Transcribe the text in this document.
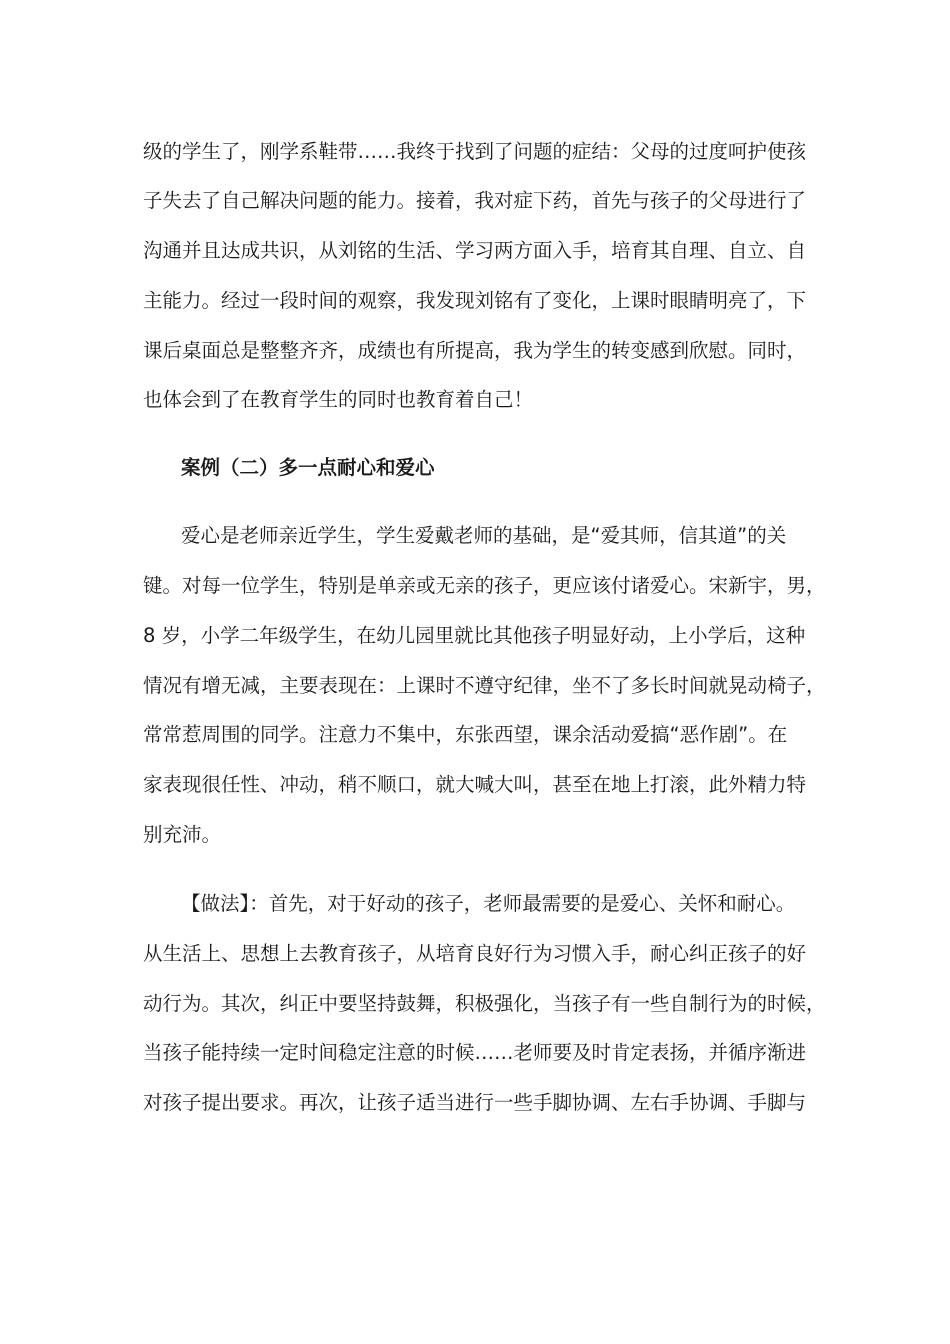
级的学生了，刚学系鞋带……我终于找到了问题的症结：父母的过度呵护使孩
子失去了自己解决问题的能力。接着，我对症下药，首先与孩子的父母进行了
沟通并且达成共识，从刘铭的生活、学习两方面入手，培育其自理、自立、自
主能力。经过一段时间的观察，我发现刘铭有了变化，上课时眼睛明亮了，下
课后桌面总是整整齐齐，成绩也有所提高，我为学生的转变感到欣慰。同时，
也体会到了在教育学生的同时也教育着自己！
案例（二）多一点耐心和爱心
爱心是老师亲近学生，学生爱戴老师的基础，是“爱其师，信其道”的关
键。对每一位学生，特别是单亲或无亲的孩子，更应该付诸爱心。宋新宇，男，
8 岁，小学二年级学生，在幼儿园里就比其他孩子明显好动，上小学后，这种
情况有增无减，主要表现在：上课时不遵守纪律，坐不了多长时间就晃动椅子，
常常惹周围的同学。注意力不集中，东张西望，课余活动爱搞“恶作剧”。在
家表现很任性、冲动，稍不顺口，就大喊大叫，甚至在地上打滚，此外精力特
别充沛。
【做法】：首先，对于好动的孩子，老师最需要的是爱心、关怀和耐心。
从生活上、思想上去教育孩子，从培育良好行为习惯入手，耐心纠正孩子的好
动行为。其次，纠正中要坚持鼓舞，积极强化，当孩子有一些自制行为的时候，
当孩子能持续一定时间稳定注意的时候……老师要及时肯定表扬，并循序渐进
对孩子提出要求。再次，让孩子适当进行一些手脚协调、左右手协调、手脚与
